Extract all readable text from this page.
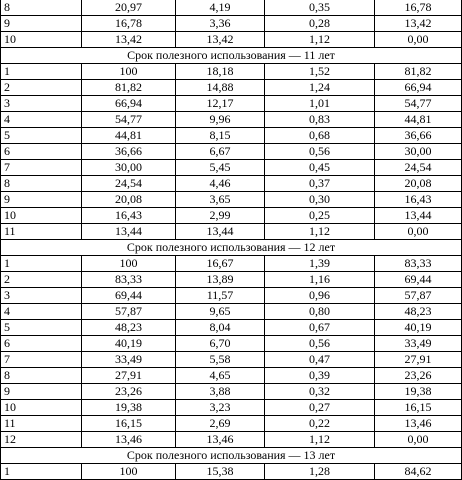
8	20,97	4,19	0,35	16,78
9	16,78	3,36	0,28	13,42
10	13,42	13,42	1,12	0,00
Срок полезного использования — 11 лет				
1	100	18,18	1,52	81,82
2	81,82	14,88	1,24	66,94
3	66,94	12,17	1,01	54,77
4	54,77	9,96	0,83	44,81
5	44,81	8,15	0,68	36,66
6	36,66	6,67	0,56	30,00
7	30,00	5,45	0,45	24,54
8	24,54	4,46	0,37	20,08
9	20,08	3,65	0,30	16,43
10	16,43	2,99	0,25	13,44
11	13,44	13,44	1,12	0,00
Срок полезного использования — 12 лет				
1	100	16,67	1,39	83,33
2	83,33	13,89	1,16	69,44
3	69,44	11,57	0,96	57,87
4	57,87	9,65	0,80	48,23
5	48,23	8,04	0,67	40,19
6	40,19	6,70	0,56	33,49
7	33,49	5,58	0,47	27,91
8	27,91	4,65	0,39	23,26
9	23,26	3,88	0,32	19,38
10	19,38	3,23	0,27	16,15
11	16,15	2,69	0,22	13,46
12	13,46	13,46	1,12	0,00
Срок полезного использования — 13 лет				
1	100	15,38	1,28	84,62
